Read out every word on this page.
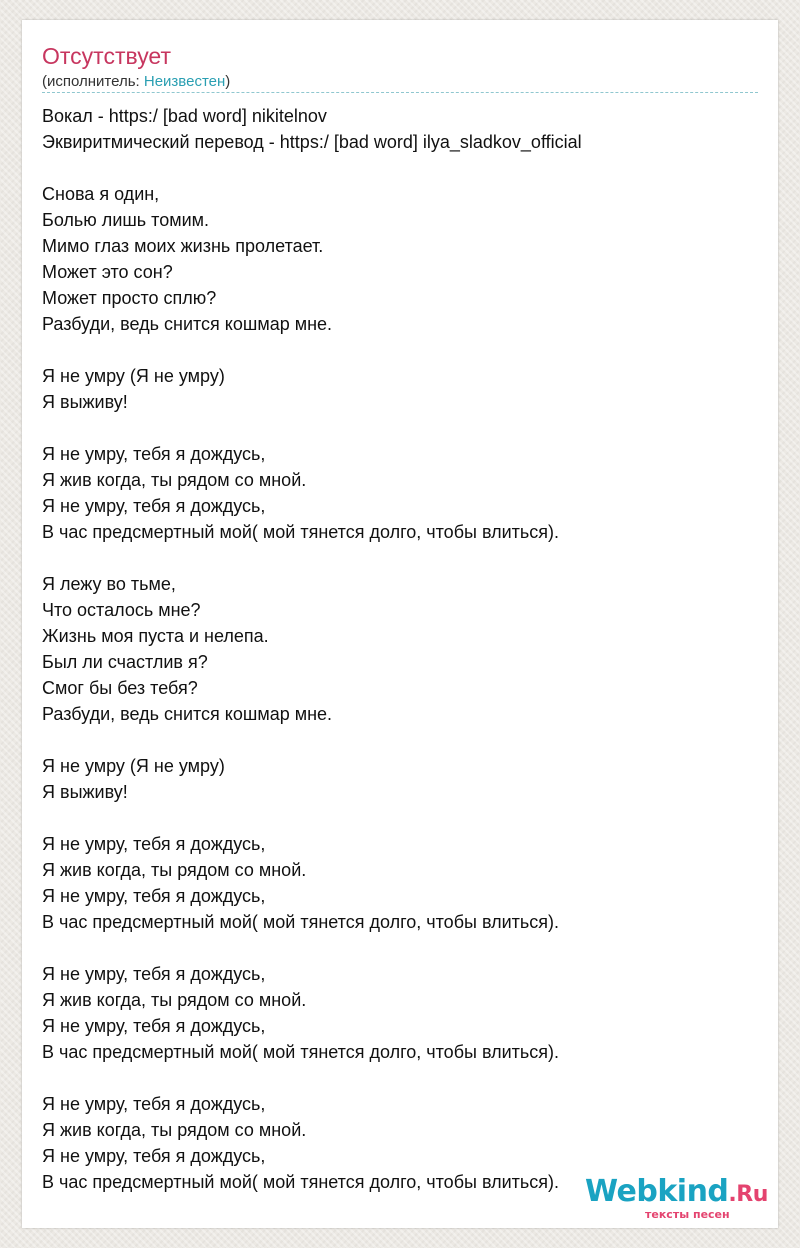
Отсутствует
(исполнитель: Неизвестен)
Вокал - https:/ [bad word] nikitelnov
Эквиритмический перевод - https:/ [bad word] ilya_sladkov_official
Снова я один,
Болью лишь томим.
Мимо глаз моих жизнь пролетает.
Может это сон?
Может просто сплю?
Разбуди, ведь снится кошмар мне.
Я не умру (Я не умру)
Я выживу!
Я не умру, тебя я дождусь,
Я жив когда, ты рядом со мной.
Я не умру, тебя я дождусь,
В час предсмертный мой( мой тянется долго, чтобы влиться).
Я лежу во тьме,
Что осталось мне?
Жизнь моя пуста и нелепа.
Был ли счастлив я?
Смог бы без тебя?
Разбуди, ведь снится кошмар мне.
Я не умру (Я не умру)
Я выживу!
Я не умру, тебя я дождусь,
Я жив когда, ты рядом со мной.
Я не умру, тебя я дождусь,
В час предсмертный мой( мой тянется долго, чтобы влиться).
Я не умру, тебя я дождусь,
Я жив когда, ты рядом со мной.
Я не умру, тебя я дождусь,
В час предсмертный мой( мой тянется долго, чтобы влиться).
Я не умру, тебя я дождусь,
Я жив когда, ты рядом со мной.
Я не умру, тебя я дождусь,
В час предсмертный мой( мой тянется долго, чтобы влиться). Webkind.Ru
тексты песен
